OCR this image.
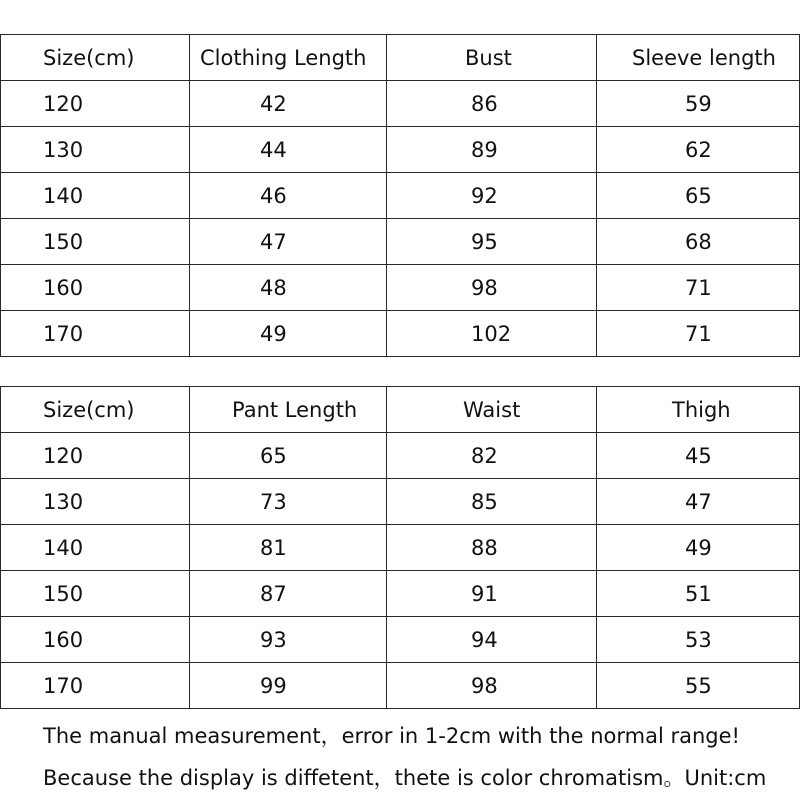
Size(cm)	Clothing Length	Bust	Sleeve length
120	42	86	59
130	44	89	62
140	46	92	65
150	47	95	68
160	48	98	71
170	49	102	71
Size(cm)	Pant Length	Waist	Thigh
120	65	82	45
130	73	85	47
140	81	88	49
150	87	91	51
160	93	94	53
170	99	98	55
The manual measurement，error in 1-2cm with the normal range!
Because the display is diffetent，thete is color chromatism。Unit:cm
